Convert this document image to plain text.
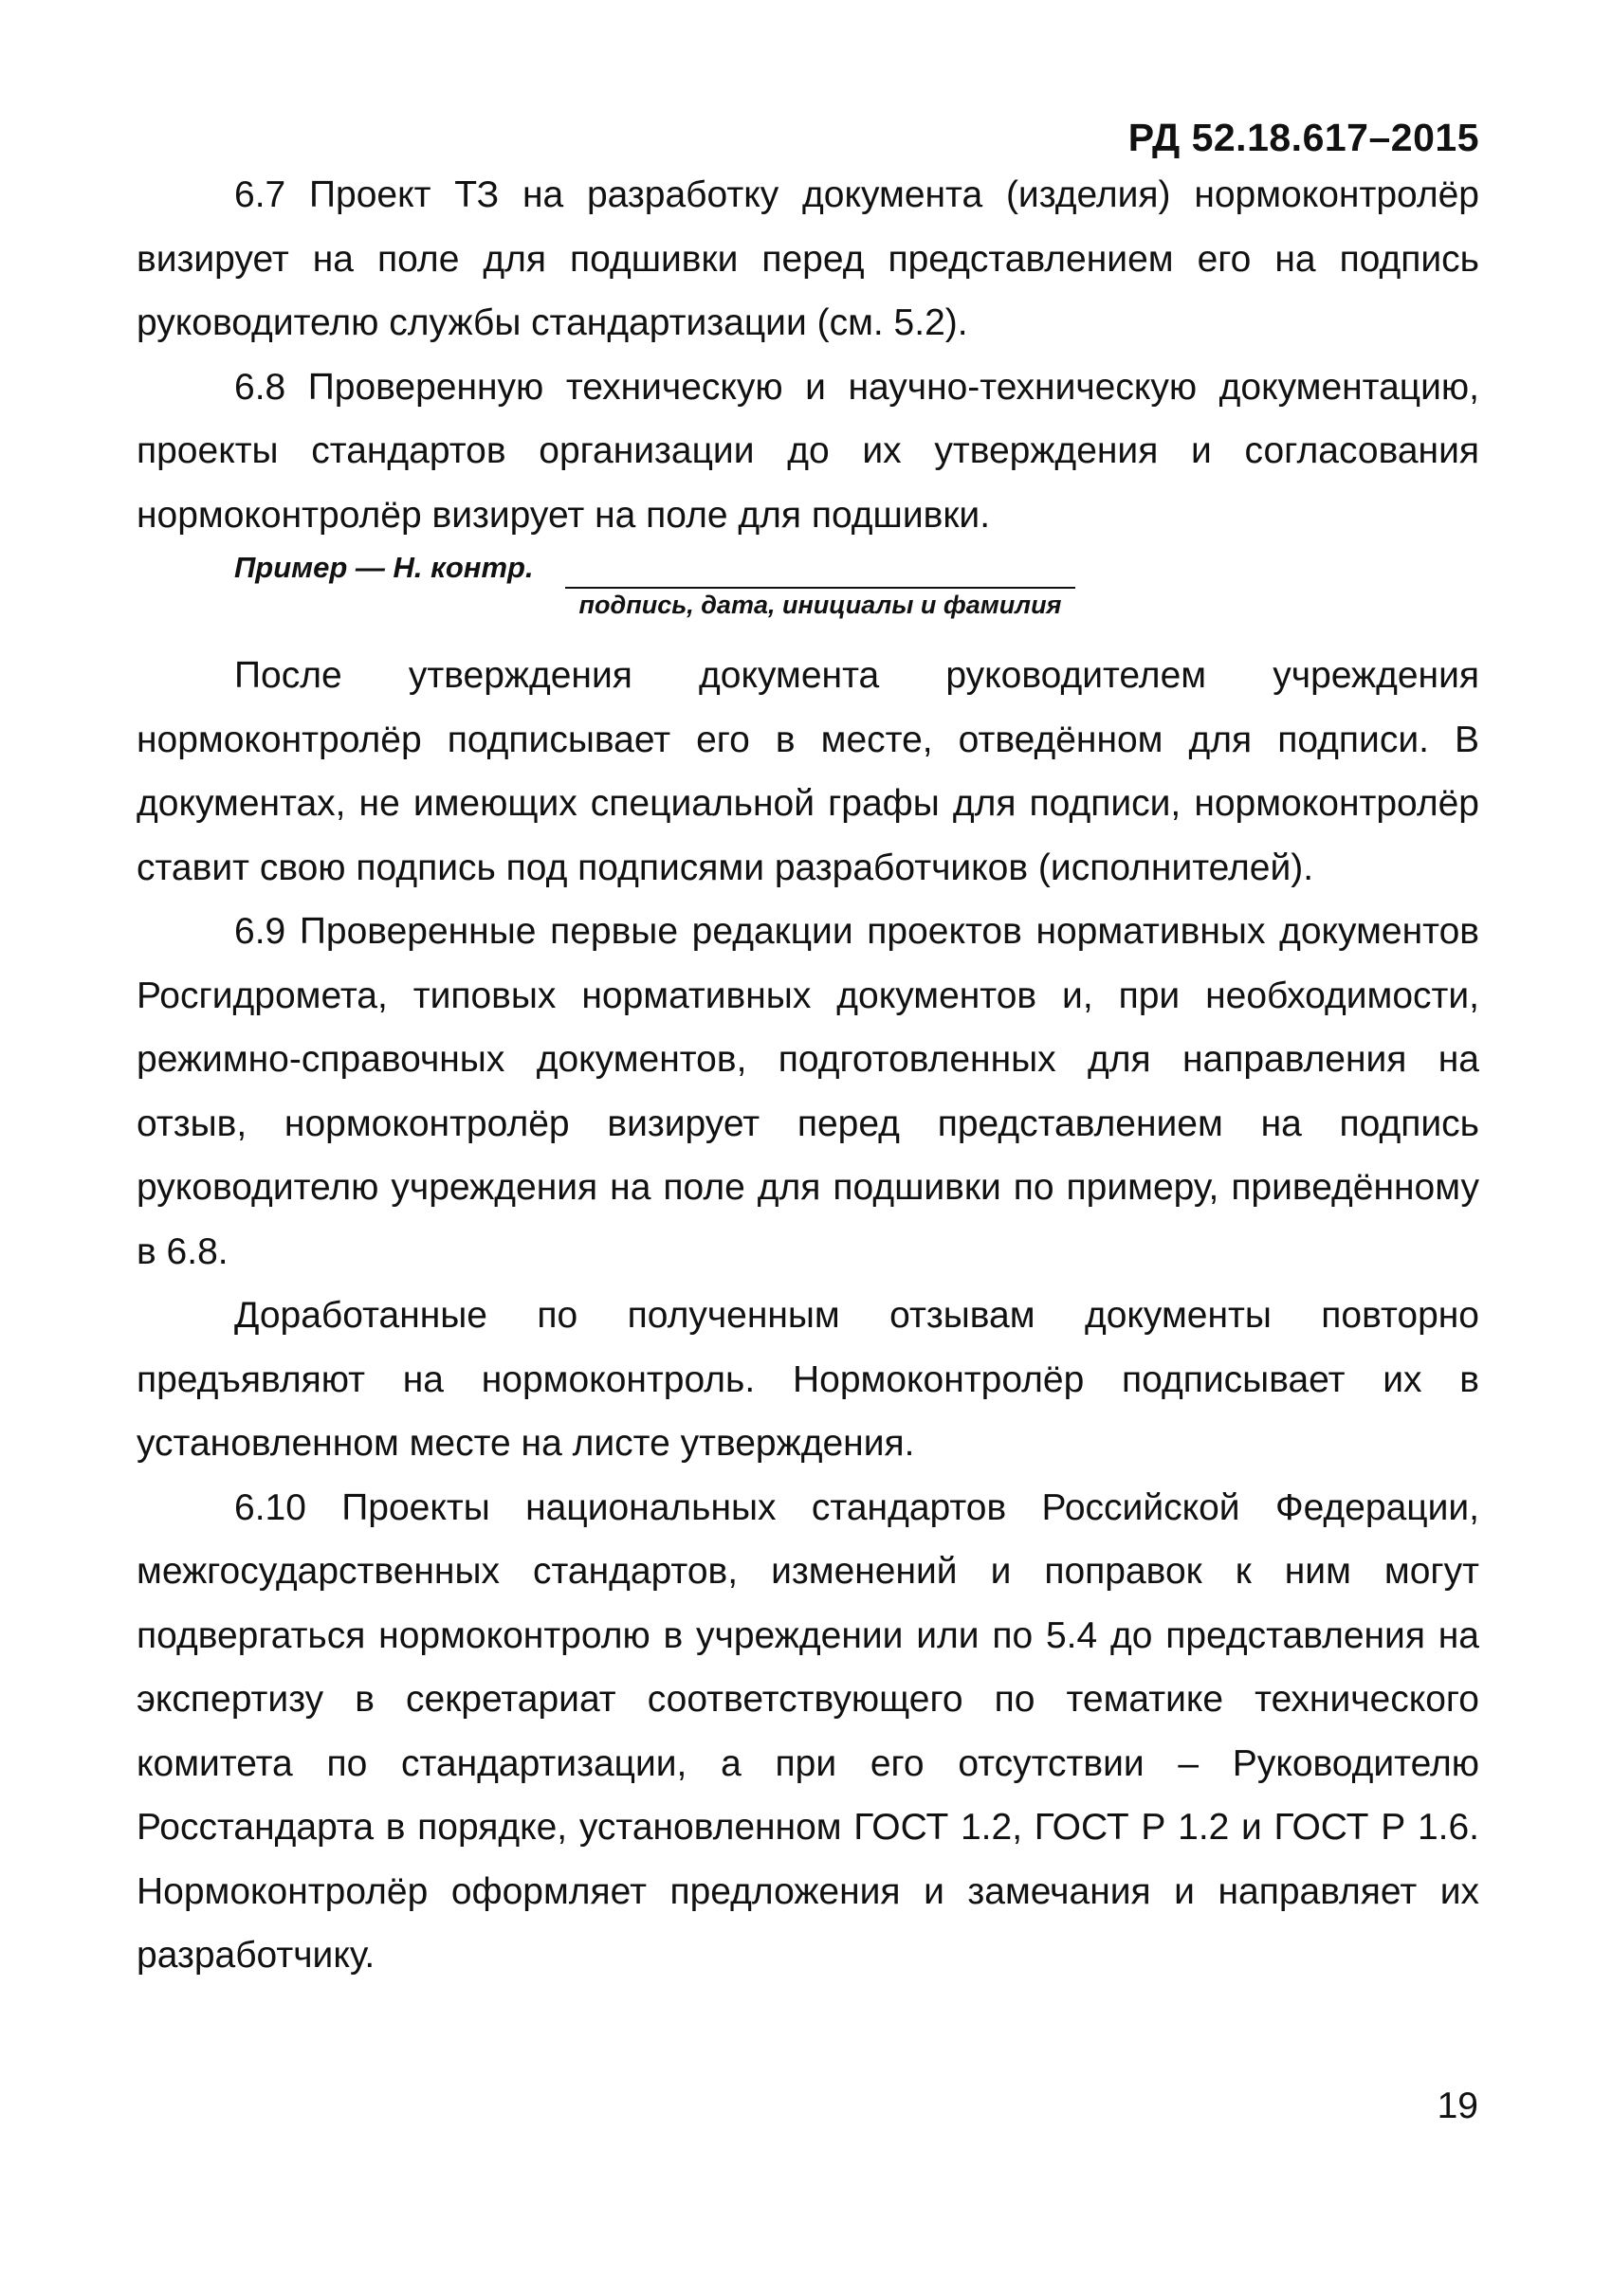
РД 52.18.617–2015

6.7 Проект ТЗ на разработку документа (изделия) нормоконтролёр визирует на поле для подшивки перед представлением его на подпись руководителю службы стандартизации (см. 5.2).

6.8 Проверенную техническую и научно-техническую документацию, проекты стандартов организации до их утверждения и согласования нормоконтролёр визирует на поле для подшивки.

Пример — Н. контр.
подпись, дата, инициалы и фамилия

После утверждения документа руководителем учреждения нормоконтролёр подписывает его в месте, отведённом для подписи. В документах, не имеющих специальной графы для подписи, нормоконтролёр ставит свою подпись под подписями разработчиков (исполнителей).

6.9 Проверенные первые редакции проектов нормативных документов Росгидромета, типовых нормативных документов и, при необходимости, режимно-справочных документов, подготовленных для направления на отзыв, нормоконтролёр визирует перед представлением на подпись руководителю учреждения на поле для подшивки по примеру, приведённому в 6.8.

Доработанные по полученным отзывам документы повторно предъявляют на нормоконтроль. Нормоконтролёр подписывает их в установленном месте на листе утверждения.

6.10 Проекты национальных стандартов Российской Федерации, межгосударственных стандартов, изменений и поправок к ним могут подвергаться нормоконтролю в учреждении или по 5.4 до представления на экспертизу в секретариат соответствующего по тематике технического комитета по стандартизации, а при его отсутствии – Руководителю Росстандарта в порядке, установленном ГОСТ 1.2, ГОСТ Р 1.2 и ГОСТ Р 1.6. Нормоконтролёр оформляет предложения и замечания и направляет их разработчику.

19
